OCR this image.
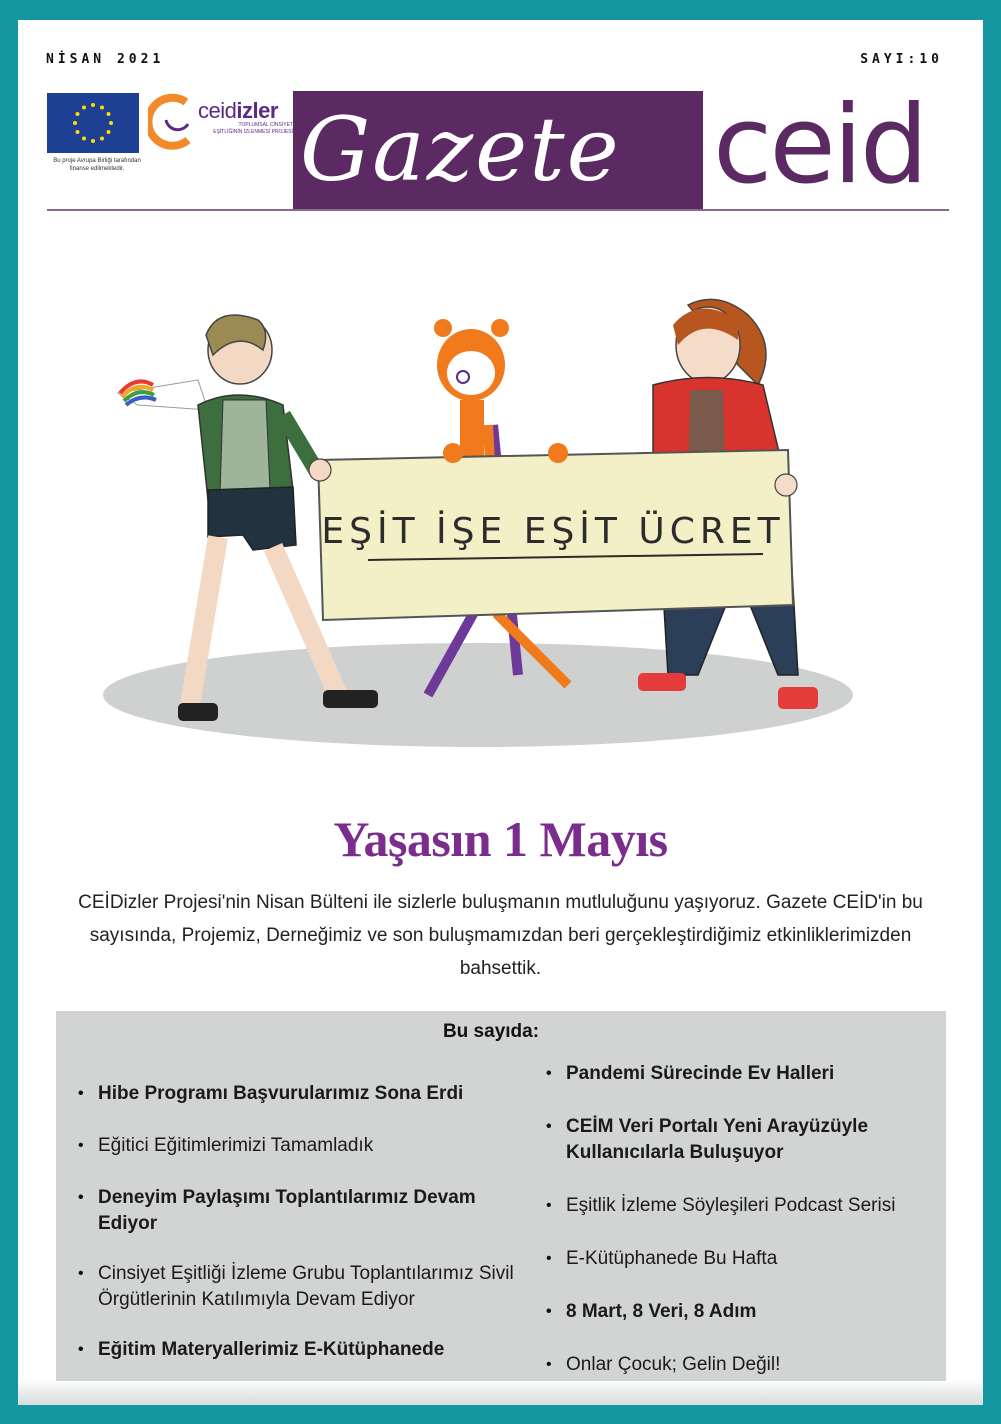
NİSAN 2021	SAYI:10
Bu proje Avrupa Birliği tarafından finanse edilmektedir.
ceidizler
TOPLUMSAL CİNSİYET EŞİTLİĞİNİN İZLENMESİ PROJESİ Gazete ceid
EŞİT İŞE EŞİT ÜCRET
Yaşasın 1 Mayıs
CEİDizler Projesi'nin Nisan Bülteni ile sizlerle buluşmanın mutluluğunu yaşıyoruz. Gazete CEİD'in bu sayısında, Projemiz, Derneğimiz ve son buluşmamızdan beri gerçekleştirdiğimiz etkinliklerimizden bahsettik.
Bu sayıda:
• Hibe Programı Başvurularımız Sona Erdi
• Eğitici Eğitimlerimizi Tamamladık
• Deneyim Paylaşımı Toplantılarımız Devam Ediyor
• Cinsiyet Eşitliği İzleme Grubu Toplantılarımız Sivil Örgütlerinin Katılımıyla Devam Ediyor
• Eğitim Materyallerimiz E-Kütüphanede
• Pandemi Sürecinde Ev Halleri
• CEİM Veri Portalı Yeni Arayüzüyle Kullanıcılarla Buluşuyor
• Eşitlik İzleme Söyleşileri Podcast Serisi
• E-Kütüphanede Bu Hafta
• 8 Mart, 8 Veri, 8 Adım
• Onlar Çocuk; Gelin Değil!
